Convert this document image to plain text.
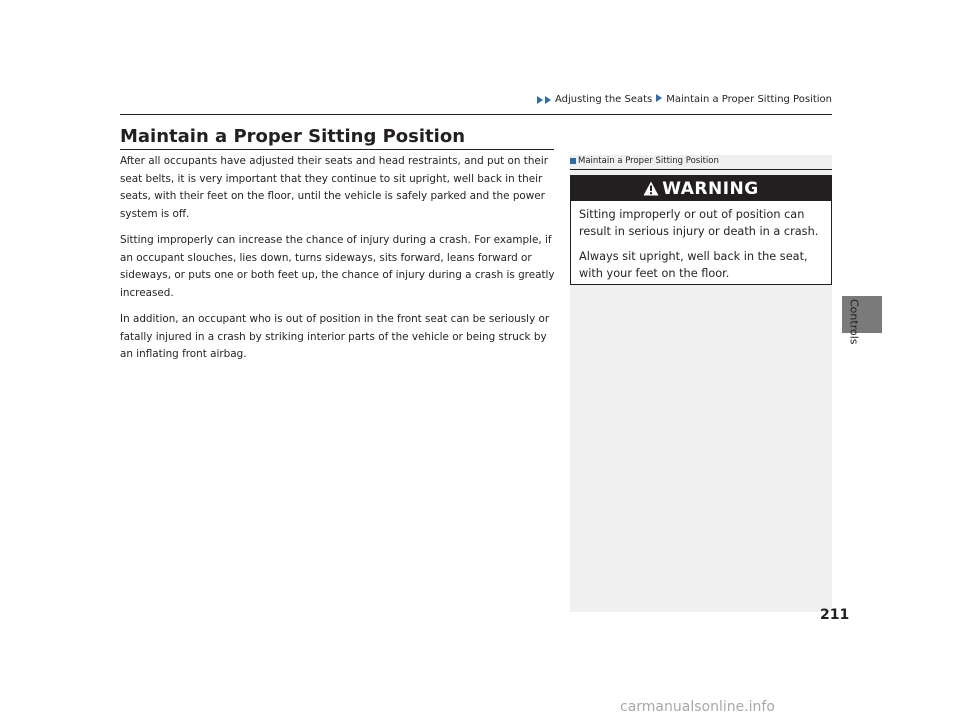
Adjusting the Seats Maintain a Proper Sitting Position
Controls
Maintain a Proper Sitting Position

After all occupants have adjusted their seats and head restraints, and put on their seat belts, it is very important that they continue to sit upright, well back in their seats, with their feet on the floor, until the vehicle is safely parked and the power system is off.

Sitting improperly can increase the chance of injury during a crash. For example, if an occupant slouches, lies down, turns sideways, sits forward, leans forward or sideways, or puts one or both feet up, the chance of injury during a crash is greatly increased.

In addition, an occupant who is out of position in the front seat can be seriously or fatally injured in a crash by striking interior parts of the vehicle or being struck by an inflating front airbag.

Maintain a Proper Sitting Position
WARNING

Sitting improperly or out of position can result in serious injury or death in a crash.

Always sit upright, well back in the seat, with your feet on the floor.

211
carmanualsonline.info
